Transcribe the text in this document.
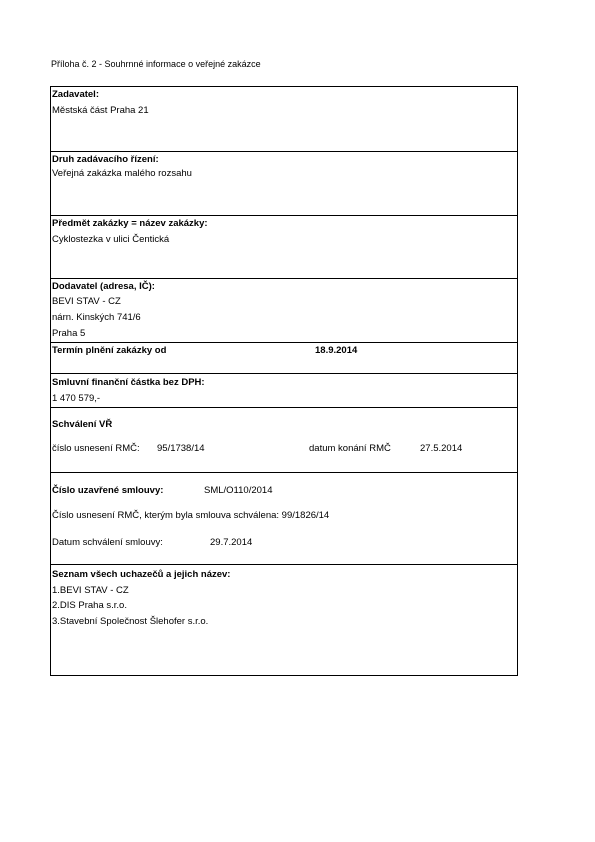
Příloha č. 2 - Souhrnné informace o veřejné zakázce
Zadavatel:
Městská část Praha 21
Druh zadávacího řízení:
Veřejná zakázka malého rozsahu
Předmět zakázky = název zakázky:
Cyklostezka v ulici Čentická
Dodavatel (adresa, IČ):
BEVI STAV - CZ
nárn. Kinských 741/6
Praha 5
Termín plnění zakázky od	18.9.2014
Smluvní finanční částka bez DPH:
1 470 579,-
Schválení VŘ
číslo usnesení RMČ: 95/1738/14	datum konání RMČ	27.5.2014
Číslo uzavřené smlouvy:	SML/O110/2014
Číslo usnesení RMČ, kterým byla smlouva schválena: 99/1826/14
Datum schválení smlouvy:	29.7.2014
Seznam všech uchazečů a jejich název:
1.BEVI STAV - CZ
2.DIS Praha s.r.o.
3.Stavební Společnost Šlehofer s.r.o.
